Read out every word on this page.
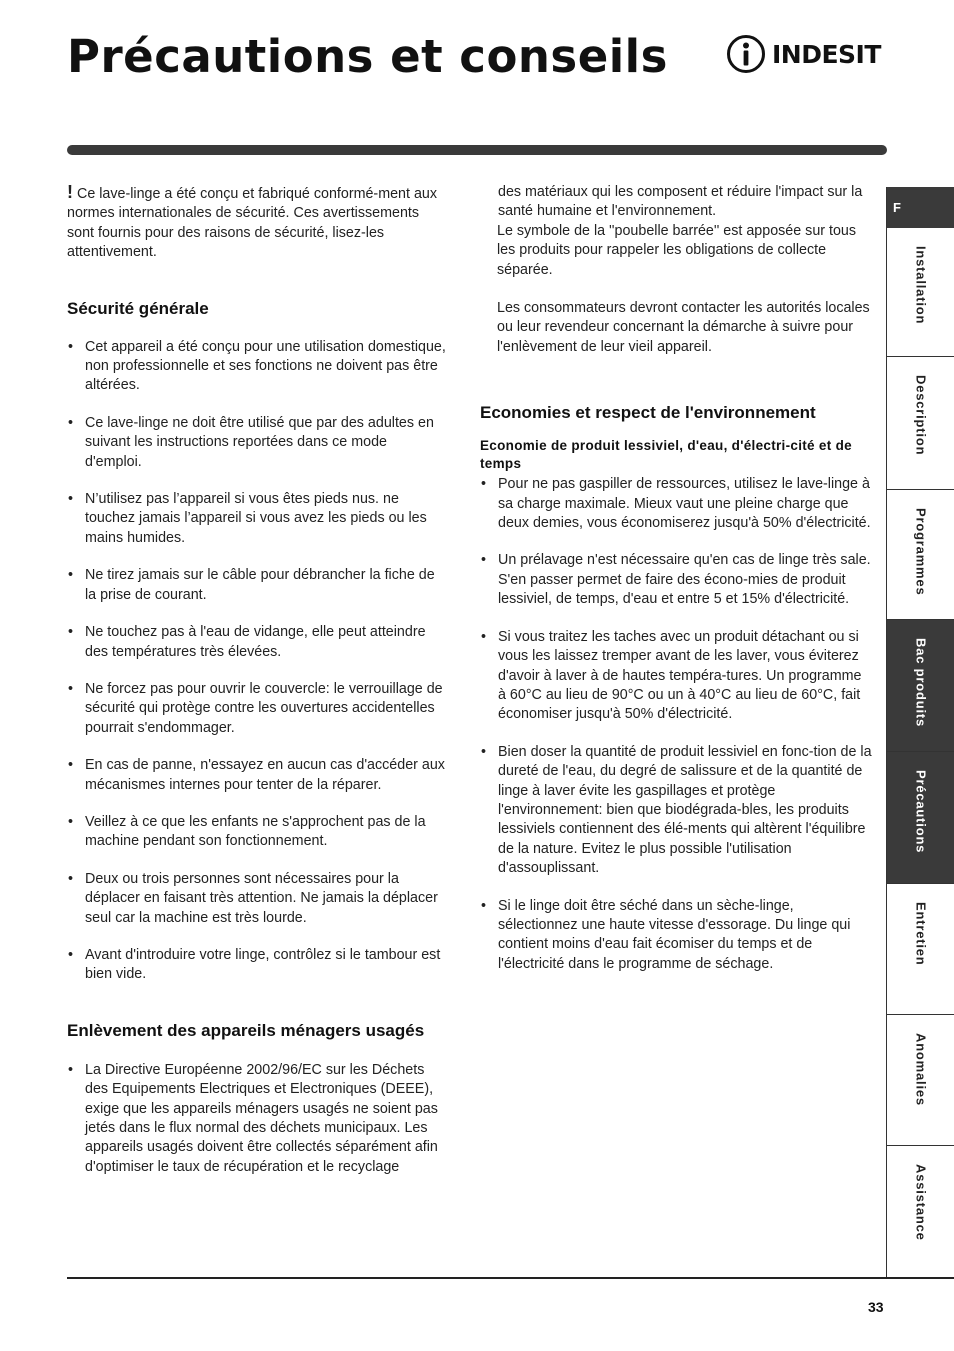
Précautions et conseils	INDESIT

! Ce lave-linge a été conçu et fabriqué conformé-ment aux normes internationales de sécurité. Ces avertissements sont fournis pour des raisons de sécurité, lisez-les attentivement.

Sécurité générale
• Cet appareil a été conçu pour une utilisation domestique, non professionnelle et ses fonctions ne doivent pas être altérées.
• Ce lave-linge ne doit être utilisé que par des adultes en suivant les instructions reportées dans ce mode d'emploi.
• N’utilisez pas l’appareil si vous êtes pieds nus. ne touchez jamais l’appareil si vous avez les pieds ou les mains humides.
• Ne tirez jamais sur le câble pour débrancher la fiche de la prise de courant.
• Ne touchez pas à l'eau de vidange, elle peut atteindre des températures très élevées.
• Ne forcez pas pour ouvrir le couvercle: le verrouillage de sécurité qui protège contre les ouvertures accidentelles pourrait s'endommager.
• En cas de panne, n'essayez en aucun cas d'accéder aux mécanismes internes pour tenter de la réparer.
• Veillez à ce que les enfants ne s'approchent pas de la machine pendant son fonctionnement.
• Deux ou trois personnes sont nécessaires pour la déplacer en faisant très attention. Ne jamais la déplacer seul car la machine est très lourde.
• Avant d'introduire votre linge, contrôlez si le tambour est bien vide.
Enlèvement des appareils ménagers usagés
• La Directive Européenne 2002/96/EC sur les Déchets des Equipements Electriques et Electroniques (DEEE), exige que les appareils ménagers usagés ne soient pas jetés dans le flux normal des déchets municipaux. Les appareils usagés doivent être collectés séparément afin d'optimiser le taux de récupération et le recyclage

des matériaux qui les composent et réduire l'impact sur la santé humaine et l'environnement.

Le symbole de la ''poubelle barrée'' est apposée sur tous les produits pour rappeler les obligations de collecte séparée.

Les consommateurs devront contacter les autorités locales ou leur revendeur concernant la démarche à suivre pour l'enlèvement de leur vieil appareil.

Economies et respect de l'environnement
Economie de produit lessiviel, d'eau, d'électri-cité et de temps
• Pour ne pas gaspiller de ressources, utilisez le lave-linge à sa charge maximale. Mieux vaut une pleine charge que deux demies, vous économiserez jusqu'à 50% d'électricité.
• Un prélavage n'est nécessaire qu'en cas de linge très sale. S'en passer permet de faire des écono-mies de produit lessiviel, de temps, d'eau et entre 5 et 15% d'électricité.
• Si vous traitez les taches avec un produit détachant ou si vous les laissez tremper avant de les laver, vous éviterez d'avoir à laver à de hautes tempéra-tures. Un programme à 60°C au lieu de 90°C ou un à 40°C au lieu de 60°C, fait économiser jusqu'à 50% d'électricité.
• Bien doser la quantité de produit lessiviel en fonc-tion de la dureté de l'eau, du degré de salissure et de la quantité de linge à laver évite les gaspillages et protège l'environnement: bien que biodégrada-bles, les produits lessiviels contiennent des élé-ments qui altèrent l'équilibre de la nature. Evitez le plus possible l'utilisation d'assouplissant.
• Si le linge doit être séché dans un sèche-linge, sélectionnez une haute vitesse d'essorage. Du linge qui contient moins d'eau fait écomiser du temps et de l'électricité dans le programme de séchage.
F
Installation
Description
Programmes
Bac produits
Précautions
Entretien
Anomalies
Assistance
33
